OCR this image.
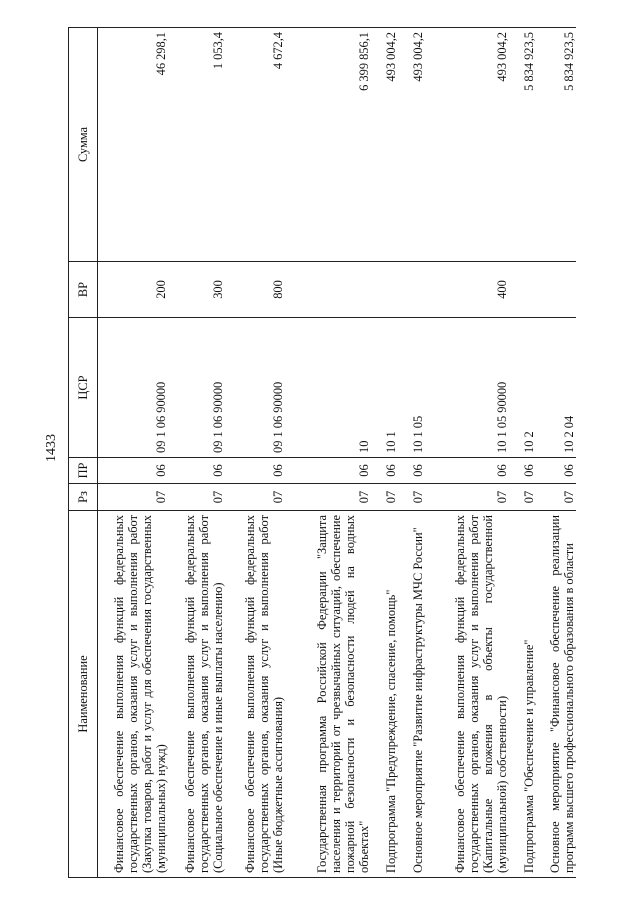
1433
Наименование	Рз	ПР	ЦСР	ВР	Сумма
Финансовое обеспечение выполнения функций федеральных государственных органов, оказания услуг и выполнения работ (Закупка товаров, работ и услуг для обеспечения государственных (муниципальных) нужд)	07	06	09 1 06 90000	200	46 298,1
Финансовое обеспечение выполнения функций федеральных государственных органов, оказания услуг и выполнения работ (Социальное обеспечение и иные выплаты населению)	07	06	09 1 06 90000	300	1 053,4
Финансовое обеспечение выполнения функций федеральных государственных органов, оказания услуг и выполнения работ (Иные бюджетные ассигнования)	07	06	09 1 06 90000	800	4 672,4
Государственная программа Российской Федерации "Защита населения и территорий от чрезвычайных ситуаций, обеспечение пожарной безопасности и безопасности людей на водных объектах"	07	06	10		6 399 856,1
Подпрограмма "Предупреждение, спасение, помощь"	07	06	10 1		493 004,2
Основное мероприятие "Развитие инфраструктуры МЧС России"	07	06	10 1 05		493 004,2
Финансовое обеспечение выполнения функций федеральных государственных органов, оказания услуг и выполнения работ (Капитальные вложения в объекты государственной (муниципальной) собственности)	07	06	10 1 05 90000	400	493 004,2
Подпрограмма "Обеспечение и управление"	07	06	10 2		5 834 923,5
Основное мероприятие "Финансовое обеспечение реализации программ высшего профессионального образования в области	07	06	10 2 04		5 834 923,5
